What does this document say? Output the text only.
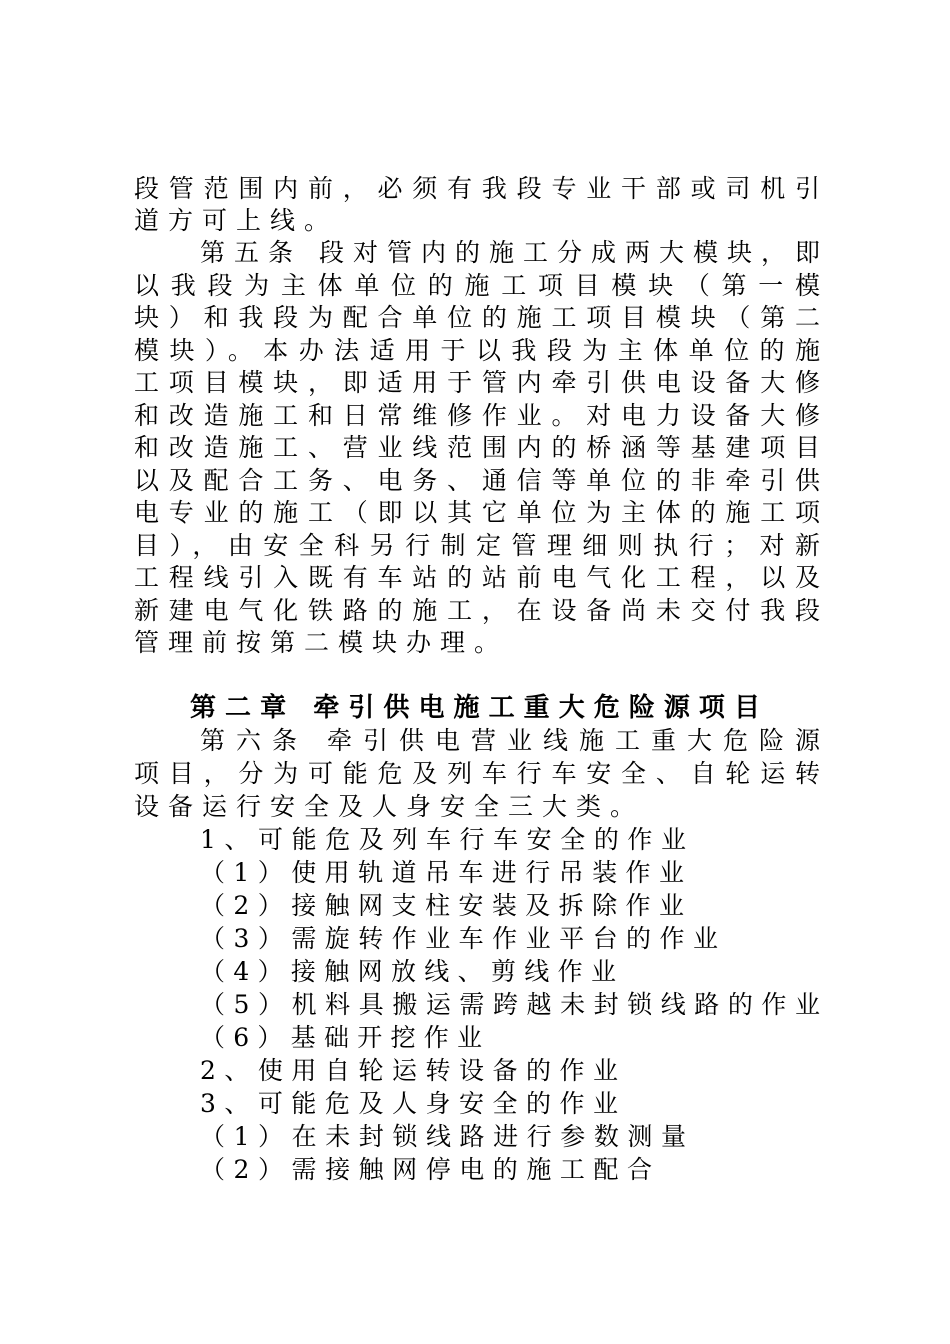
段管范围内前，必须有我段专业干部或司机引
道方可上线。
第五条 段对管内的施工分成两大模块，即
以我段为主体单位的施工项目模块（第一模
块）和我段为配合单位的施工项目模块（第二
模块）。本办法适用于以我段为主体单位的施
工项目模块，即适用于管内牵引供电设备大修
和改造施工和日常维修作业。对电力设备大修
和改造施工、营业线范围内的桥涵等基建项目
以及配合工务、电务、通信等单位的非牵引供
电专业的施工（即以其它单位为主体的施工项
目），由安全科另行制定管理细则执行；对新
工程线引入既有车站的站前电气化工程，以及
新建电气化铁路的施工，在设备尚未交付我段
管理前按第二模块办理。
第二章 牵引供电施工重大危险源项目
第六条 牵引供电营业线施工重大危险源
项目，分为可能危及列车行车安全、自轮运转
设备运行安全及人身安全三大类。
1、可能危及列车行车安全的作业
（1）使用轨道吊车进行吊装作业
（2）接触网支柱安装及拆除作业
（3）需旋转作业车作业平台的作业
（4）接触网放线、剪线作业
（5）机料具搬运需跨越未封锁线路的作业
（6）基础开挖作业
2、使用自轮运转设备的作业
3、可能危及人身安全的作业
（1）在未封锁线路进行参数测量
（2）需接触网停电的施工配合
